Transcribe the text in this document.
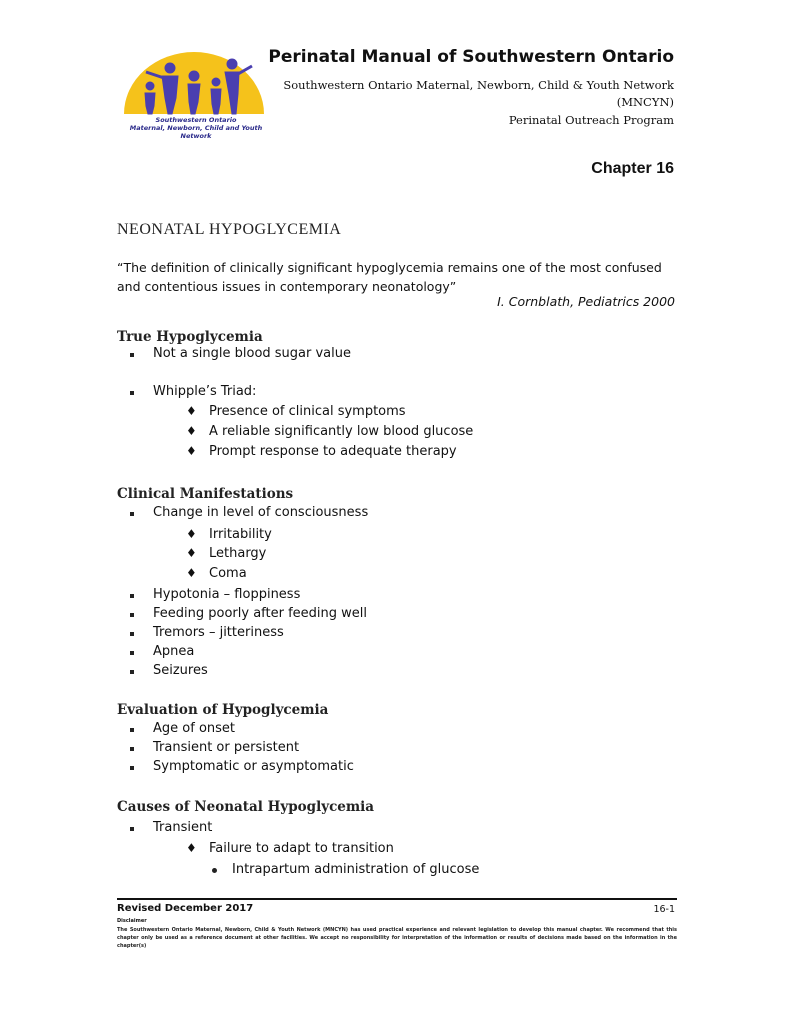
Southwestern Ontario
Maternal, Newborn, Child and Youth Network
Perinatal Manual of Southwestern Ontario
Southwestern Ontario Maternal, Newborn, Child & Youth Network
(MNCYN)
Perinatal Outreach Program
Chapter 16
NEONATAL HYPOGLYCEMIA
“The definition of clinically significant hypoglycemia remains one of the most confused and contentious issues in contemporary neonatology”
I. Cornblath, Pediatrics 2000
True Hypoglycemia
Not a single blood sugar value
Whipple’s Triad:
♦ Presence of clinical symptoms
♦ A reliable significantly low blood glucose
♦ Prompt response to adequate therapy
Clinical Manifestations
Change in level of consciousness
♦ Irritability
♦ Lethargy
♦ Coma
Hypotonia – floppiness
Feeding poorly after feeding well
Tremors – jitteriness
Apnea
Seizures
Evaluation of Hypoglycemia
Age of onset
Transient or persistent
Symptomatic or asymptomatic
Causes of Neonatal Hypoglycemia
Transient
♦ Failure to adapt to transition
Intrapartum administration of glucose
Revised December 2017	16-1
Disclaimer
The Southwestern Ontario Maternal, Newborn, Child & Youth Network (MNCYN) has used practical experience and relevant legislation to develop this manual chapter. We recommend that this chapter only be used as a reference document at other facilities. We accept no responsibility for interpretation of the information or results of decisions made based on the information in the chapter(s)
